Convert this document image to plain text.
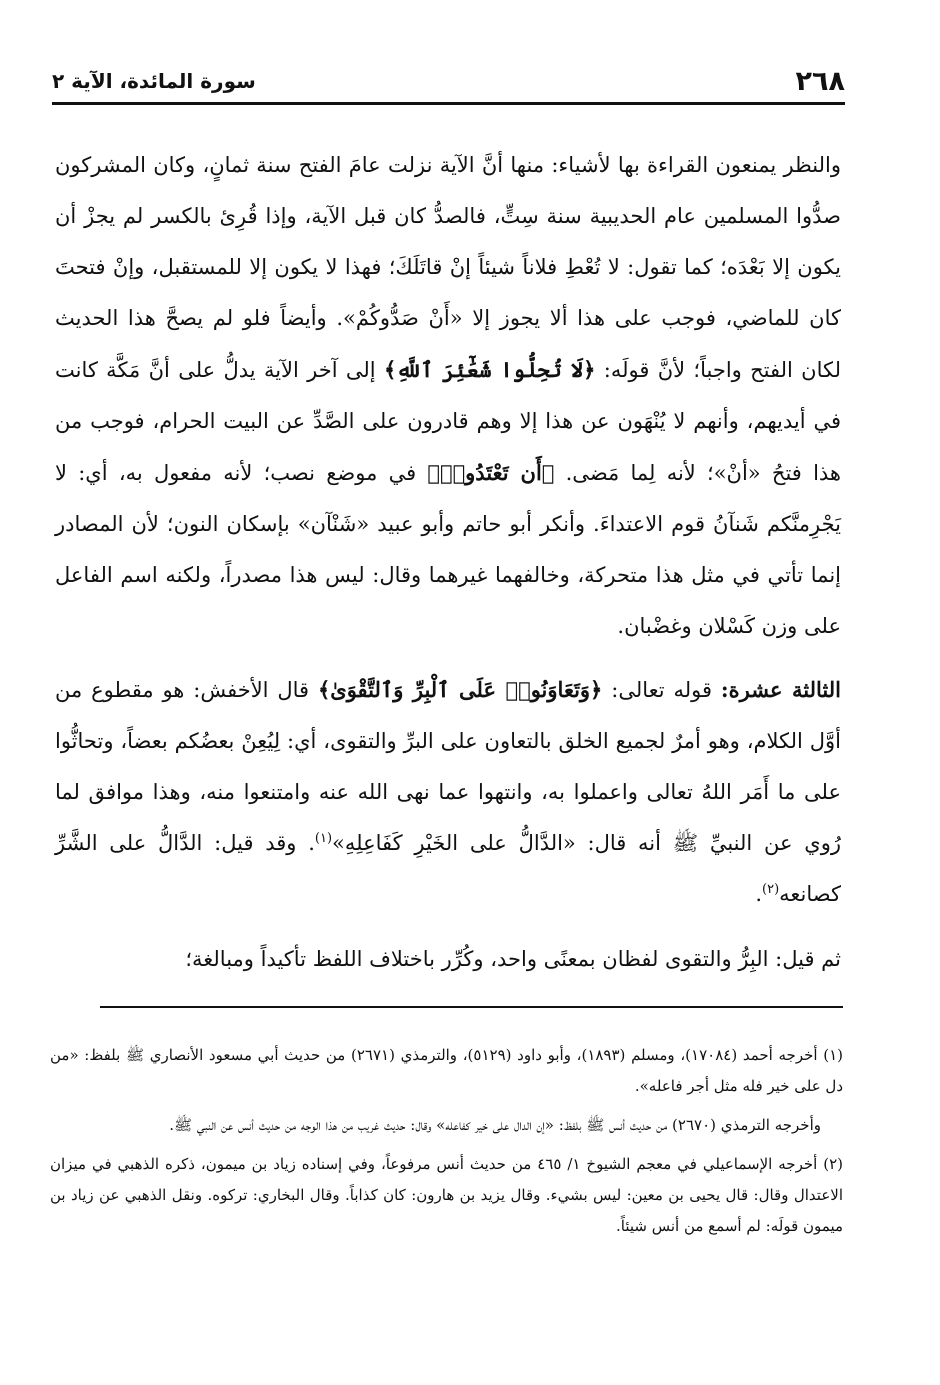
٢٦٨
سورة المائدة، الآية ٢

والنظر يمنعون القراءة بها لأشياء: منها أنَّ الآية نزلت عامَ الفتح سنة ثمانٍ، وكان المشركون صدُّوا المسلمين عام الحديبية سنة سِتٍّ، فالصدُّ كان قبل الآية، وإذا قُرِئ بالكسر لم يجزْ أن يكون إلا بَعْدَه؛ كما تقول: لا تُعْطِ فلاناً شيئاً إنْ قاتَلَكَ؛ فهذا لا يكون إلا للمستقبل، وإنْ فتحتَ كان للماضي، فوجب على هذا ألا يجوز إلا «أَنْ صَدُّوكُمْ». وأيضاً فلو لم يصحَّ هذا الحديث لكان الفتح واجباً؛ لأنَّ قولَه: ﴿لَا تُحِلُّوا شَعَٰٓئِرَ ٱللَّهِ﴾ إلى آخر الآية يدلُّ على أنَّ مَكَّة كانت في أيديهم، وأنهم لا يُنْهَون عن هذا إلا وهم قادرون على الصَّدِّ عن البيت الحرام، فوجب من هذا فتحُ «أنْ»؛ لأنه لِما مَضى. ﴿أَن تَعْتَدُوا۟﴾ في موضع نصب؛ لأنه مفعول به، أي: لا يَجْرِمنَّكم شَنآنُ قوم الاعتداءَ. وأنكر أبو حاتم وأبو عبيد «شَنْآن» بإسكان النون؛ لأن المصادر إنما تأتي في مثل هذا متحركة، وخالفهما غيرهما وقال: ليس هذا مصدراً، ولكنه اسم الفاعل على وزن كَسْلان وغضْبان.

الثالثة عشرة: قوله تعالى: ﴿وَتَعَاوَنُوا۟ عَلَى ٱلْبِرِّ وَٱلتَّقْوَىٰ﴾ قال الأخفش: هو مقطوع من أوَّل الكلام، وهو أمرٌ لجميع الخلق بالتعاون على البرِّ والتقوى، أي: لِيُعِنْ بعضُكم بعضاً، وتحاثُّوا على ما أَمَر اللهُ تعالى واعملوا به، وانتهوا عما نهى الله عنه وامتنعوا منه، وهذا موافق لما رُوي عن النبيِّ ﷺ أنه قال: «الدَّالُّ على الخَيْرِ كَفَاعِلِهِ»$^{(١)}$. وقد قيل: الدَّالُّ على الشَّرِّ كصانعه$^{(٢)}$.

ثم قيل: البِرُّ والتقوى لفظان بمعنًى واحد، وكُرِّر باختلاف اللفظ تأكيداً ومبالغة؛

(١) أخرجه أحمد (١٧٠٨٤)، ومسلم (١٨٩٣)، وأبو داود (٥١٢٩)، والترمذي (٢٦٧١) من حديث أبي مسعود الأنصاري ﷺ بلفظ: «من دل على خير فله مثل أجر فاعله».

وأخرجه الترمذي (٢٦٧٠) من حديث أنس ﷺ بلفظ: «إن الدال على خير كفاعله» وقال: حديث غريب من هذا الوجه من حديث أنس عن النبي ﷺ.

(٢) أخرجه الإسماعيلي في معجم الشيوخ ١/ ٤٦٥ من حديث أنس مرفوعاً، وفي إسناده زياد بن ميمون، ذكره الذهبي في ميزان الاعتدال وقال: قال يحيى بن معين: ليس بشيء. وقال يزيد بن هارون: كان كذاباً. وقال البخاري: تركوه. ونقل الذهبي عن زياد بن ميمون قولَه: لم أسمع من أنس شيئاً.
